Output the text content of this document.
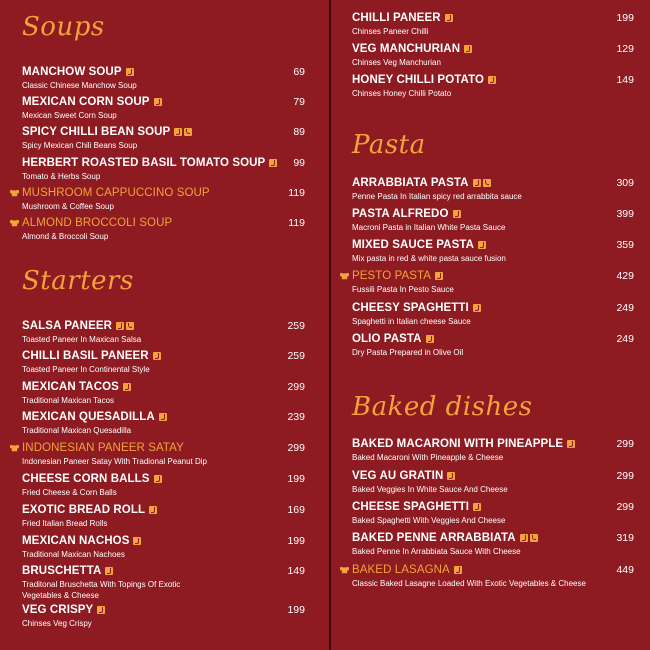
Soups
MANCHOW SOUP
Classic Chinese Manchow Soup
69
MEXICAN CORN SOUP
Mexican Sweet Corn Soup
79
SPICY CHILLI BEAN SOUP
Spicy Mexican Chili Beans Soup
89
HERBERT ROASTED BASIL TOMATO SOUP
Tomato & Herbs Soup
99
MUSHROOM CAPPUCCINO SOUP
Mushroom & Coffee Soup
119
ALMOND BROCCOLI SOUP
Almond & Broccoli Soup
119
Starters
SALSA PANEER
Toasted Paneer In Maxican Salsa
259
CHILLI BASIL PANEER
Toasted Paneer In Continental Style
259
MEXICAN TACOS
Traditional Maxican Tacos
299
MEXICAN QUESADILLA
Traditional Maxican Quesadilla
239
INDONESIAN PANEER SATAY
Indonesian Paneer Satay With Tradional Peanut Dip
299
CHEESE CORN BALLS
Fried Cheese & Corn Balls
199
EXOTIC BREAD ROLL
Fried Italian Bread Rolls
169
MEXICAN NACHOS
Traditional Maxican Nachoes
199
BRUSCHETTA
Traditonal Bruschetta With Topings Of Exotic Vegetables & Cheese
149
VEG CRISPY
Chinses Veg Crispy
199
CHILLI PANEER
Chinses Paneer Chilli
199
VEG MANCHURIAN
Chinses Veg Manchurian
129
HONEY CHILLI POTATO
Chinses Honey Chilli Potato
149
Pasta
ARRABBIATA PASTA
Penne Pasta In Italian spicy red arrabbita sauce
309
PASTA ALFREDO
Macroni Pasta in Italian White Pasta Sauce
399
MIXED SAUCE PASTA
Mix pasta in red & white pasta sauce fusion
359
PESTO PASTA
Fussili Pasta In Pesto Sauce
429
CHEESY SPAGHETTI
Spaghetti in Italian cheese Sauce
249
OLIO PASTA
Dry Pasta Prepared in Olive Oil
249
Baked dishes
BAKED MACARONI WITH PINEAPPLE
Baked Macaroni With Pineapple & Cheese
299
VEG AU GRATIN
Baked Veggies In White Sauce And Cheese
299
CHEESE SPAGHETTI
Baked Spaghetti With Veggies And Cheese
299
BAKED PENNE ARRABBIATA
Baked Penne In Arrabbiata Sauce With Cheese
319
BAKED LASAGNA
Classic Baked Lasagne Loaded With Exotic Vegetables & Cheese
449
